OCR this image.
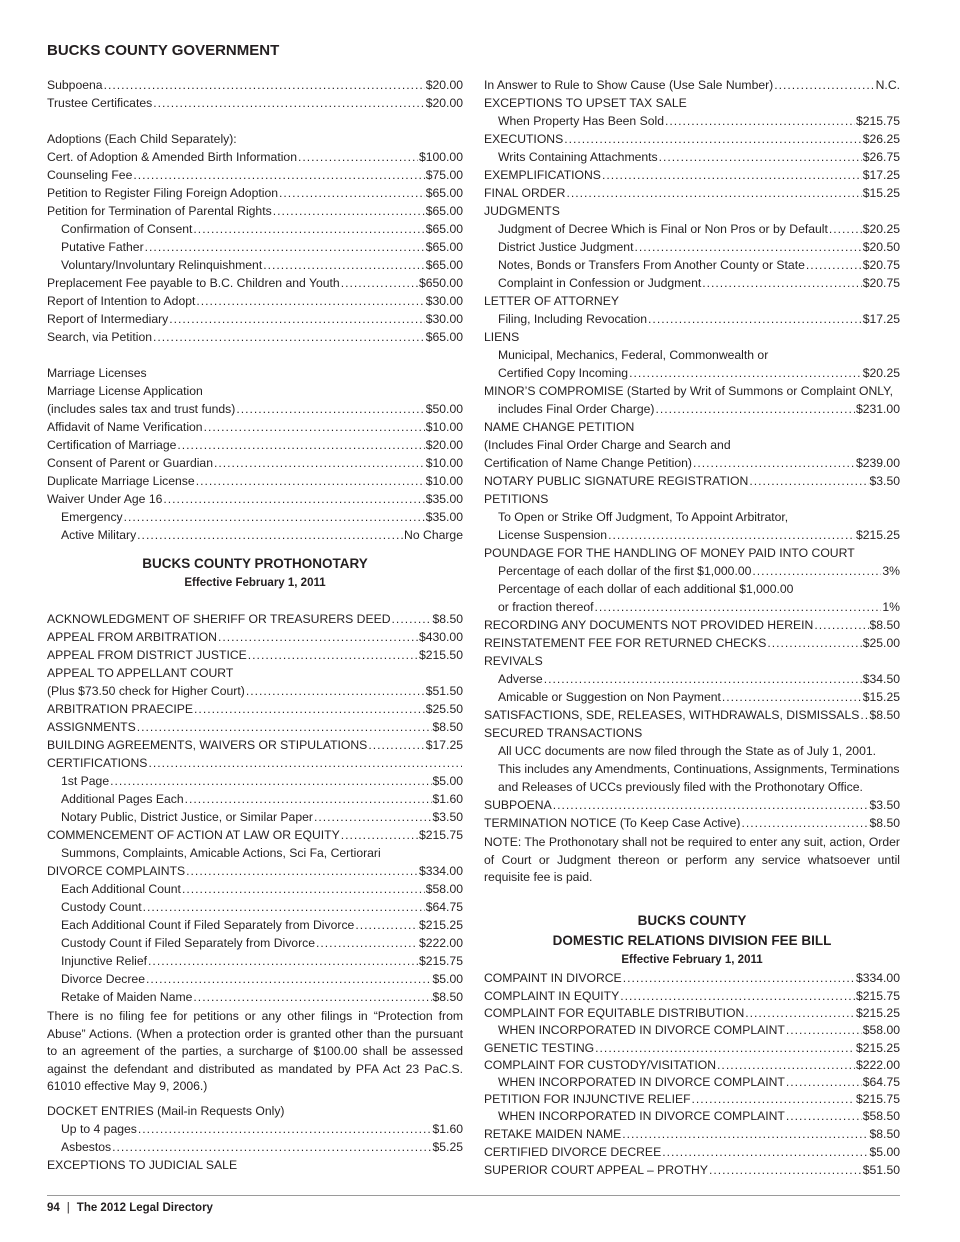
BUCKS COUNTY GOVERNMENT
Subpoena .....	$20.00
Trustee Certificates .....	$20.00
Adoptions (Each Child Separately):
Cert. of Adoption & Amended Birth Information .....	$100.00
Counseling Fee .....	$75.00
Petition to Register Filing Foreign Adoption .....	$65.00
Petition for Termination of Parental Rights .....	$65.00
Confirmation of Consent .....	$65.00
Putative Father .....	$65.00
Voluntary/Involuntary Relinquishment .....	$65.00
Preplacement Fee payable to B.C. Children and Youth .....	$650.00
Report of Intention to Adopt .....	$30.00
Report of Intermediary .....	$30.00
Search, via Petition .....	$65.00
Marriage Licenses
Marriage License Application
(includes sales tax and trust funds) .....	$50.00
Affidavit of Name Verification .....	$10.00
Certification of Marriage .....	$20.00
Consent of Parent or Guardian .....	$10.00
Duplicate Marriage License .....	$10.00
Waiver Under Age 16 .....	$35.00
Emergency .....	$35.00
Active Military .....	No Charge
BUCKS COUNTY PROTHONOTARY
Effective February 1, 2011
ACKNOWLEDGMENT OF SHERIFF OR TREASURERS DEED .....	$8.50
APPEAL FROM ARBITRATION .....	$430.00
APPEAL FROM DISTRICT JUSTICE .....	$215.50
APPEAL TO APPELLANT COURT
(Plus $73.50 check for Higher Court) .....	$51.50
ARBITRATION PRAECIPE .....	$25.50
ASSIGNMENTS .....	$8.50
BUILDING AGREEMENTS, WAIVERS OR STIPULATIONS .....	$17.25
CERTIFICATIONS
.....
1st Page .....	$5.00
Additional Pages Each .....	$1.60
Notary Public, District Justice, or Similar Paper .....	$3.50
COMMENCEMENT OF ACTION AT LAW OR EQUITY .....	$215.75
Summons, Complaints, Amicable Actions, Sci Fa, Certiorari
DIVORCE COMPLAINTS .....	$334.00
Each Additional Count .....	$58.00
Custody Count .....	$64.75
Each Additional Count if Filed Separately from Divorce .....	$215.25
Custody Count if Filed Separately from Divorce .....	$222.00
Injunctive Relief .....	$215.75
Divorce Decree .....	$5.00
Retake of Maiden Name .....	$8.50
There is no filing fee for petitions or any other filings in “Protection from Abuse” Actions. (When a protection order is granted other than the pursuant to an agreement of the parties, a surcharge of $100.00 shall be assessed against the defendant and distributed as mandated by PFA Act 23 PaC.S. 61010 effective May 9, 2006.)
DOCKET ENTRIES (Mail-in Requests Only)
Up to 4 pages .....	$1.60
Asbestos .....	$5.25
EXCEPTIONS TO JUDICIAL SALE
In Answer to Rule to Show Cause (Use Sale Number) .....	N.C.
EXCEPTIONS TO UPSET TAX SALE
When Property Has Been Sold .....	$215.75
EXECUTIONS .....	$26.25
Writs Containing Attachments .....	$26.75
EXEMPLIFICATIONS .....	$17.25
FINAL ORDER .....	$15.25
JUDGMENTS
Judgment of Decree Which is Final or Non Pros or by Default .....	$20.25
District Justice Judgment .....	$20.50
Notes, Bonds or Transfers From Another County or State .....	$20.75
Complaint in Confession or Judgment .....	$20.75
LETTER OF ATTORNEY
Filing, Including Revocation .....	$17.25
LIENS
Municipal, Mechanics, Federal, Commonwealth or
Certified Copy Incoming .....	$20.25
MINOR’S COMPROMISE (Started by Writ of Summons or Complaint ONLY,
includes Final Order Charge) .....	$231.00
NAME CHANGE PETITION
(Includes Final Order Charge and Search and
Certification of Name Change Petition) .....	$239.00
NOTARY PUBLIC SIGNATURE REGISTRATION .....	$3.50
PETITIONS
To Open or Strike Off Judgment, To Appoint Arbitrator,
License Suspension .....	$215.25
POUNDAGE FOR THE HANDLING OF MONEY PAID INTO COURT
Percentage of each dollar of the first $1,000.00 .....	3%
Percentage of each dollar of each additional $1,000.00
or fraction thereof .....	1%
RECORDING ANY DOCUMENTS NOT PROVIDED HEREIN .....	$8.50
REINSTATEMENT FEE FOR RETURNED CHECKS .....	$25.00
REVIVALS
Adverse .....	$34.50
Amicable or Suggestion on Non Payment .....	$15.25
SATISFACTIONS, SDE, RELEASES, WITHDRAWALS, DISMISSALS ..... $8.50
SECURED TRANSACTIONS
All UCC documents are now filed through the State as of July 1, 2001.
This includes any Amendments, Continuations, Assignments, Terminations
and Releases of UCCs previously filed with the Prothonotary Office.
SUBPOENA .....	$3.50
TERMINATION NOTICE (To Keep Case Active) .....	$8.50
NOTE: The Prothonotary shall not be required to enter any suit, action, Order of Court or Judgment thereon or perform any service whatsoever until requisite fee is paid.
BUCKS COUNTY
DOMESTIC RELATIONS DIVISION FEE BILL
Effective February 1, 2011
COMPAINT IN DIVORCE .....	$334.00
COMPLAINT IN EQUITY .....	$215.75
COMPLAINT FOR EQUITABLE DISTRIBUTION .....	$215.25
WHEN INCORPORATED IN DIVORCE COMPLAINT .....	$58.00
GENETIC TESTING .....	$215.25
COMPLAINT FOR CUSTODY/VISITATION .....	$222.00
WHEN INCORPORATED IN DIVORCE COMPLAINT .....	$64.75
PETITION FOR INJUNCTIVE RELIEF .....	$215.75
WHEN INCORPORATED IN DIVORCE COMPLAINT .....	$58.50
RETAKE MAIDEN NAME .....	$8.50
CERTIFIED DIVORCE DECREE .....	$5.00
SUPERIOR COURT APPEAL – PROTHY .....	$51.50
94 | The 2012 Legal Directory
